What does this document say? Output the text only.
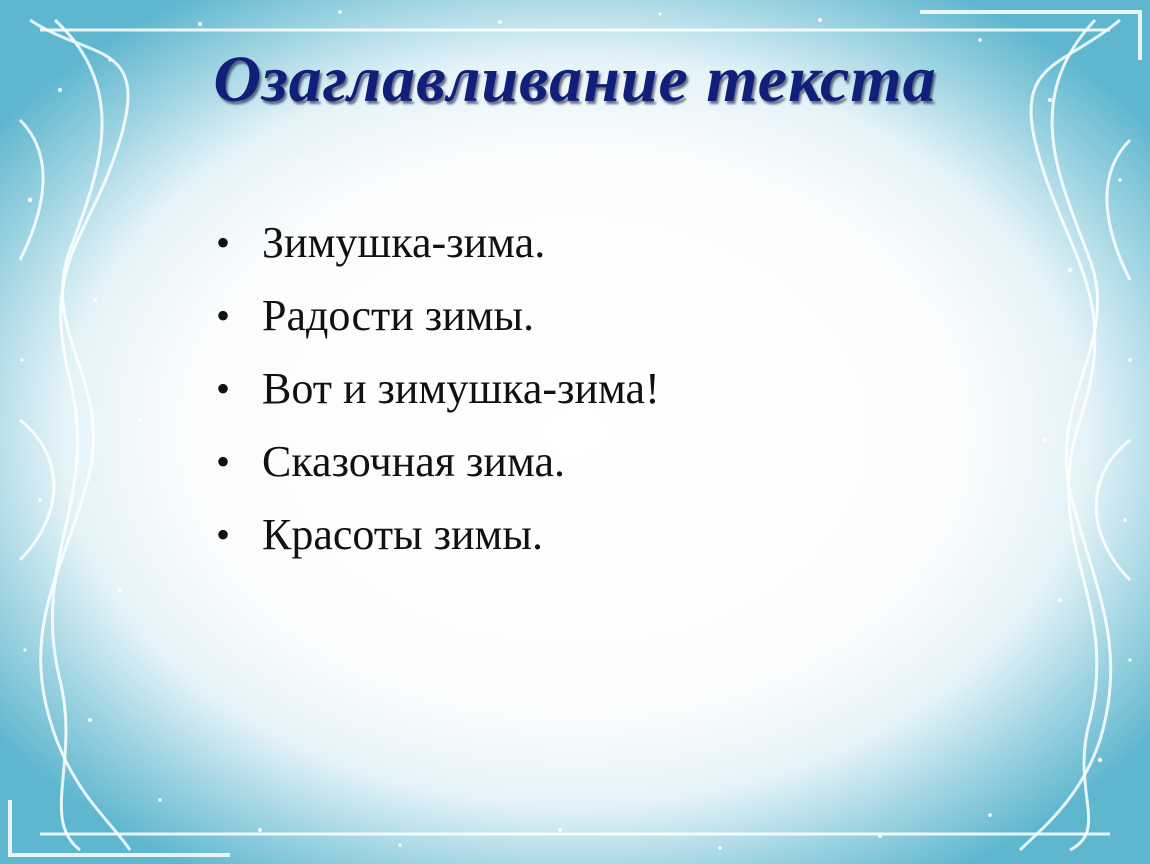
Озаглавливание текста
• Зимушка-зима.
• Радости зимы.
• Вот и зимушка-зима!
• Сказочная зима.
• Красоты зимы.
